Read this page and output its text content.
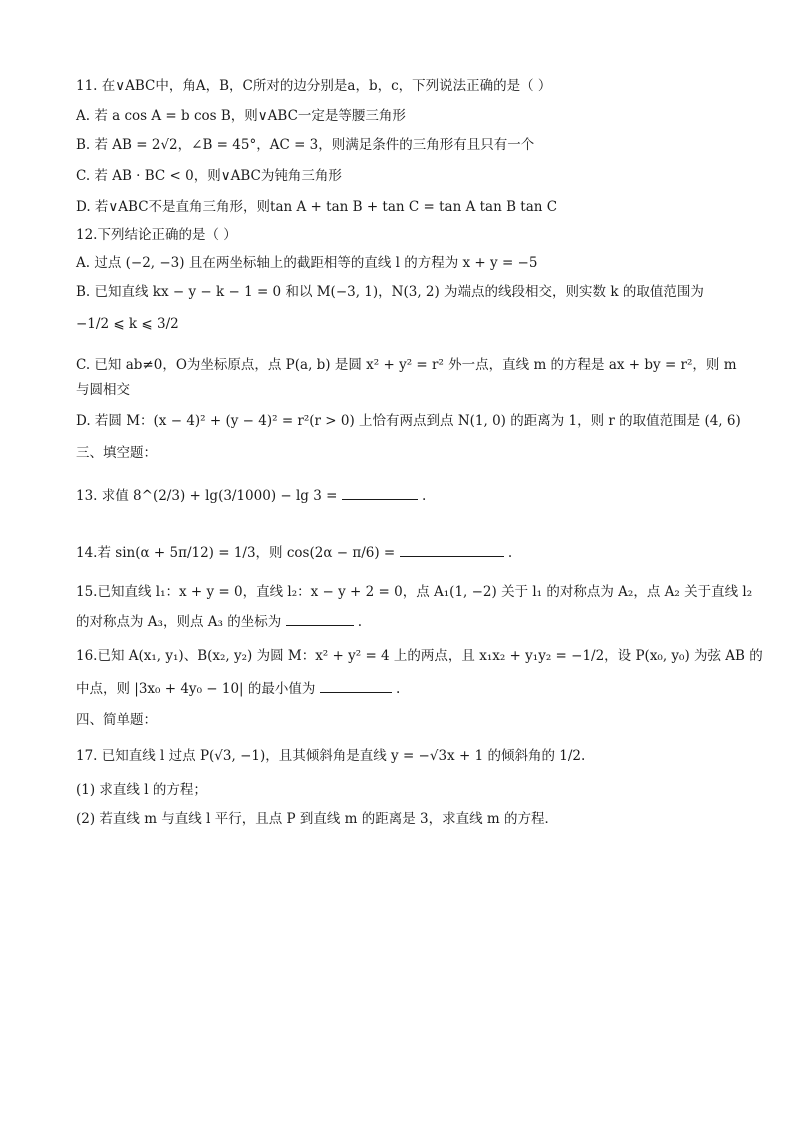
11. 在∨ABC中，角A，B，C所对的边分别是a，b，c，下列说法正确的是（ ）
A. 若 a cos A = b cos B，则∨ABC一定是等腰三角形
B. 若 AB = 2√2，∠B = 45°，AC = 3，则满足条件的三角形有且只有一个
C. 若 AB · BC < 0，则∨ABC为钝角三角形
D. 若∨ABC不是直角三角形，则tan A + tan B + tan C = tan A tan B tan C
12.下列结论正确的是（ ）
A. 过点 (−2, −3) 且在两坐标轴上的截距相等的直线 l 的方程为 x + y = −5
B. 已知直线 kx − y − k − 1 = 0 和以 M(−3, 1)，N(3, 2) 为端点的线段相交，则实数 k 的取值范围为
−1/2 ⩽ k ⩽ 3/2
C. 已知 ab≠0，O为坐标原点，点 P(a, b) 是圆 x² + y² = r² 外一点，直线 m 的方程是 ax + by = r²，则 m
与圆相交
D. 若圆 M：(x − 4)² + (y − 4)² = r²(r > 0) 上恰有两点到点 N(1, 0) 的距离为 1，则 r 的取值范围是 (4, 6)
三、填空题：
13. 求值 8^(2/3) + lg(3/1000) − lg 3 =	.
14.若 sin(α + 5π/12) = 1/3，则 cos(2α − π/6) =	.
15.已知直线 l₁：x + y = 0，直线 l₂：x − y + 2 = 0，点 A₁(1, −2) 关于 l₁ 的对称点为 A₂，点 A₂ 关于直线 l₂
的对称点为 A₃，则点 A₃ 的坐标为	.
16.已知 A(x₁, y₁)、B(x₂, y₂) 为圆 M：x² + y² = 4 上的两点，且 x₁x₂ + y₁y₂ = −1/2，设 P(x₀, y₀) 为弦 AB 的
中点，则 |3x₀ + 4y₀ − 10| 的最小值为	.
四、简单题：
17. 已知直线 l 过点 P(√3, −1)，且其倾斜角是直线 y = −√3x + 1 的倾斜角的 1/2.
(1) 求直线 l 的方程；
(2) 若直线 m 与直线 l 平行，且点 P 到直线 m 的距离是 3，求直线 m 的方程．
